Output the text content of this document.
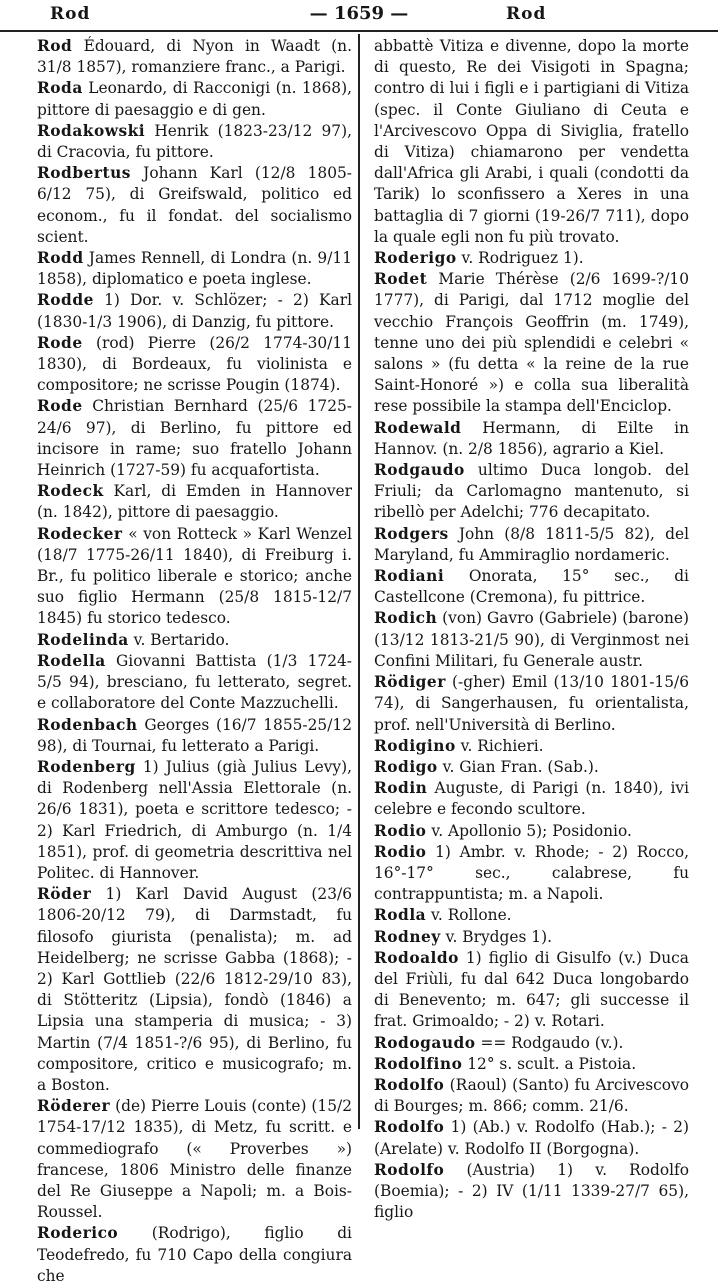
Rod	— 1659 —	Rod

Rod Édouard, di Nyon in Waadt (n. 31/8 1857), romanziere franc., a Parigi.

Roda Leonardo, di Racconigi (n. 1868), pittore di paesaggio e di gen.

Rodakowski Henrik (1823-23/12 97), di Cracovia, fu pittore.

Rodbertus Johann Karl (12/8 1805-6/12 75), di Greifswald, politico ed econom., fu il fondat. del socialismo scient.

Rodd James Rennell, di Londra (n. 9/11 1858), diplomatico e poeta inglese.

Rodde 1) Dor. v. Schlözer; - 2) Karl (1830-1/3 1906), di Danzig, fu pittore.

Rode (rod) Pierre (26/2 1774-30/11 1830), di Bordeaux, fu violinista e compositore; ne scrisse Pougin (1874).

Rode Christian Bernhard (25/6 1725-24/6 97), di Berlino, fu pittore ed incisore in rame; suo fratello Johann Heinrich (1727-59) fu acquafortista.

Rodeck Karl, di Emden in Hannover (n. 1842), pittore di paesaggio.

Rodecker « von Rotteck » Karl Wenzel (18/7 1775-26/11 1840), di Freiburg i. Br., fu politico liberale e storico; anche suo figlio Hermann (25/8 1815-12/7 1845) fu storico tedesco.

Rodelinda v. Bertarido.

Rodella Giovanni Battista (1/3 1724-5/5 94), bresciano, fu letterato, segret. e collaboratore del Conte Mazzuchelli.

Rodenbach Georges (16/7 1855-25/12 98), di Tournai, fu letterato a Parigi.

Rodenberg 1) Julius (già Julius Levy), di Rodenberg nell'Assia Elettorale (n. 26/6 1831), poeta e scrittore tedesco; - 2) Karl Friedrich, di Amburgo (n. 1/4 1851), prof. di geometria descrittiva nel Politec. di Hannover.

Röder 1) Karl David August (23/6 1806-20/12 79), di Darmstadt, fu filosofo giurista (penalista); m. ad Heidelberg; ne scrisse Gabba (1868); - 2) Karl Gottlieb (22/6 1812-29/10 83), di Stötteritz (Lipsia), fondò (1846) a Lipsia una stamperia di musica; - 3) Martin (7/4 1851-?/6 95), di Berlino, fu compositore, critico e musicografo; m. a Boston.

Röderer (de) Pierre Louis (conte) (15/2 1754-17/12 1835), di Metz, fu scritt. e commediografo (« Proverbes ») francese, 1806 Ministro delle finanze del Re Giuseppe a Napoli; m. a Bois-Roussel.

Roderico (Rodrigo), figlio di Teodefredo, fu 710 Capo della congiura che

abbattè Vitiza e divenne, dopo la morte di questo, Re dei Visigoti in Spagna; contro di lui i figli e i partigiani di Vitiza (spec. il Conte Giuliano di Ceuta e l'Arcivescovo Oppa di Siviglia, fratello di Vitiza) chiamarono per vendetta dall'Africa gli Arabi, i quali (condotti da Tarik) lo sconfissero a Xeres in una battaglia di 7 giorni (19-26/7 711), dopo la quale egli non fu più trovato.

Roderigo v. Rodriguez 1).

Rodet Marie Thérèse (2/6 1699-?/10 1777), di Parigi, dal 1712 moglie del vecchio François Geoffrin (m. 1749), tenne uno dei più splendidi e celebri « salons » (fu detta « la reine de la rue Saint-Honoré ») e colla sua liberalità rese possibile la stampa dell'Enciclop.

Rodewald Hermann, di Eilte in Hannov. (n. 2/8 1856), agrario a Kiel.

Rodgaudo ultimo Duca longob. del Friuli; da Carlomagno mantenuto, si ribellò per Adelchi; 776 decapitato.

Rodgers John (8/8 1811-5/5 82), del Maryland, fu Ammiraglio nordameric.

Rodiani Onorata, 15° sec., di Castellcone (Cremona), fu pittrice.

Rodich (von) Gavro (Gabriele) (barone) (13/12 1813-21/5 90), di Verginmost nei Confini Militari, fu Generale austr.

Rödiger (-gher) Emil (13/10 1801-15/6 74), di Sangerhausen, fu orientalista, prof. nell'Università di Berlino.

Rodigino v. Richieri.

Rodigo v. Gian Fran. (Sab.).

Rodin Auguste, di Parigi (n. 1840), ivi celebre e fecondo scultore.

Rodio v. Apollonio 5); Posidonio.

Rodio 1) Ambr. v. Rhode; - 2) Rocco, 16°-17° sec., calabrese, fu contrappuntista; m. a Napoli.

Rodla v. Rollone.

Rodney v. Brydges 1).

Rodoaldo 1) figlio di Gisulfo (v.) Duca del Friùli, fu dal 642 Duca longobardo di Benevento; m. 647; gli successe il frat. Grimoaldo; - 2) v. Rotari.

Rodogaudo == Rodgaudo (v.).

Rodolfino 12° s. scult. a Pistoia.

Rodolfo (Raoul) (Santo) fu Arcivescovo di Bourges; m. 866; comm. 21/6.

Rodolfo 1) (Ab.) v. Rodolfo (Hab.); - 2) (Arelate) v. Rodolfo II (Borgogna).

Rodolfo (Austria) 1) v. Rodolfo (Boemia); - 2) IV (1/11 1339-27/7 65), figlio
